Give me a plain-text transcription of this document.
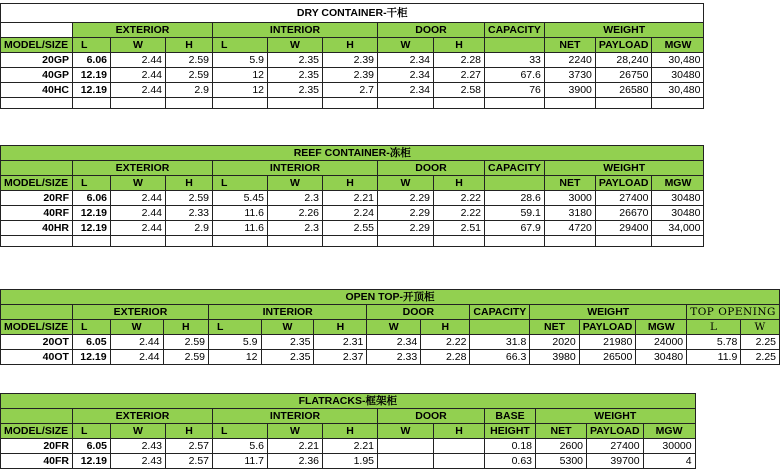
DRY CONTAINER-干柜													
	EXTERIOR			INTERIOR			DOOR		CAPACITY	WEIGHT			
MODEL/SIZE	L	W	H	L	W	H	W	H		NET	PAYLOAD	MGW	
20GP	6.06	2.44	2.59	5.9	2.35	2.39	2.34	2.28	33	2240	28,240	30,480	
40GP	12.19	2.44	2.59	12	2.35	2.39	2.34	2.27	67.6	3730	26750	30480	
40HC	12.19	2.44	2.9	12	2.35	2.7	2.34	2.58	76	3900	26580	30,480	

REEF CONTAINER-冻柜													
	EXTERIOR			INTERIOR			DOOR		CAPACITY	WEIGHT			
MODEL/SIZE	L	W	H	L	W	H	W	H		NET	PAYLOAD	MGW	
20RF	6.06	2.44	2.59	5.45	2.3	2.21	2.29	2.22	28.6	3000	27400	30480	
40RF	12.19	2.44	2.33	11.6	2.26	2.24	2.29	2.22	59.1	3180	26670	30480	
40HR	12.19	2.44	2.9	11.6	2.3	2.55	2.29	2.51	67.9	4720	29400	34,000	

OPEN TOP-开顶柜														
	EXTERIOR			INTERIOR			DOOR		CAPACITY	WEIGHT			TOP OPENING	
MODEL/SIZE	L	W	H	L	W	H	W	H		NET	PAYLOAD	MGW	L	W
20OT	6.05	2.44	2.59	5.9	2.35	2.31	2.34	2.22	31.8	2020	21980	24000	5.78	2.25
40OT	12.19	2.44	2.59	12	2.35	2.37	2.33	2.28	66.3	3980	26500	30480	11.9	2.25
FLATRACKS-框架柜												
	EXTERIOR			INTERIOR			DOOR		BASE	WEIGHT		
MODEL/SIZE	L	W	H	L	W	H	W	H	HEIGHT	NET	PAYLOAD	MGW
20FR	6.05	2.43	2.57	5.6	2.21	2.21			0.18	2600	27400	30000
40FR	12.19	2.43	2.57	11.7	2.36	1.95			0.63	5300	39700	4
